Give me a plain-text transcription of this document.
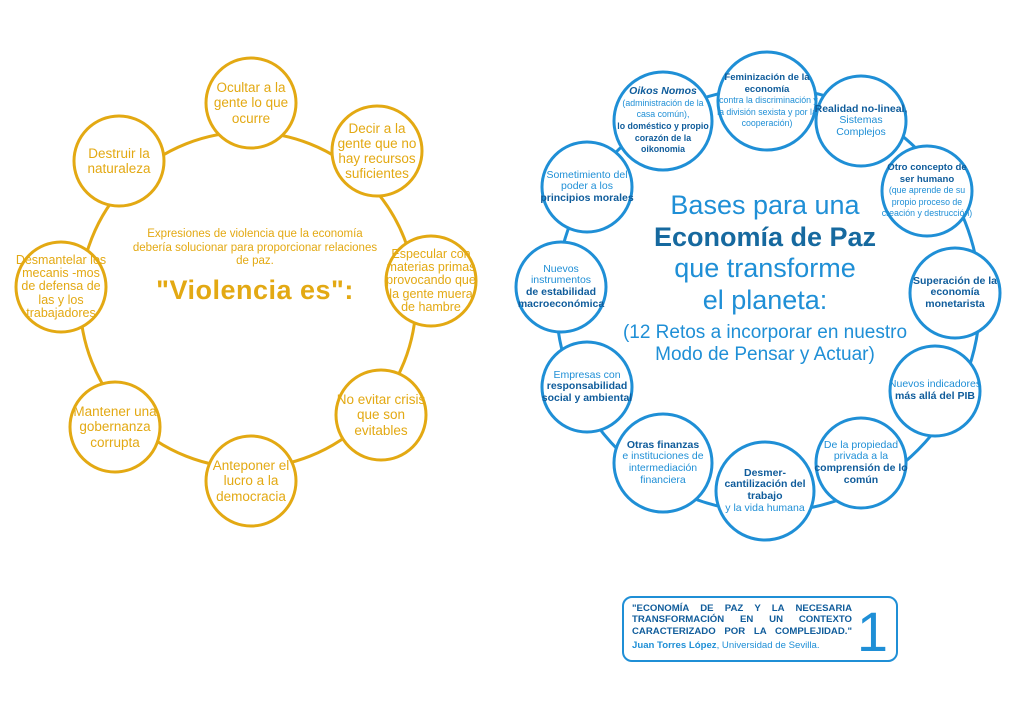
Ocultar a la gente lo que ocurre
Decir a la gente que no hay recursos suficientes
Especular con materias primas provocando que la gente muera de hambre
No evitar crisis que son evitables
Anteponer el lucro a la democracia
Mantener una gobernanza corrupta
Desmantelar los mecanis -mos de defensa de las y los trabajadores
Destruir la naturaleza
Expresiones de violencia que la economía debería solucionar para proporcionar relaciones de paz.
"Violencia es":
Feminización de la economía
(contra la discriminación y la división sexista y por la cooperación)
Realidad no-lineal,
Sistemas Complejos
Otro concepto de ser humano
(que aprende de su propio proceso de creación y destrucción)
Superación de la economía monetarista
Nuevos indicadores
más allá del PIB
De la propiedad privada a la
comprensión de lo común
Desmer-cantilización del trabajo
y la vida humana
Otras finanzas
e instituciones de intermediación financiera
Empresas con
responsabilidad social y ambiental
Nuevos instrumentos
de estabilidad macroeconómica
Sometimiento del poder a los
principios morales
Oikos Nomos
(administración de la casa común),
lo doméstico y propio corazón de la oikonomia
Bases para una
Economía de Paz
que transforme
el planeta:
(12 Retos a incorporar en nuestro Modo de Pensar y Actuar)
"ECONOMÍA DE PAZ Y LA NECESARIA TRANSFORMACIÓN EN UN CONTEXTO CARACTERIZADO POR LA COMPLEJIDAD."
Juan Torres López, Universidad de Sevilla. 1
